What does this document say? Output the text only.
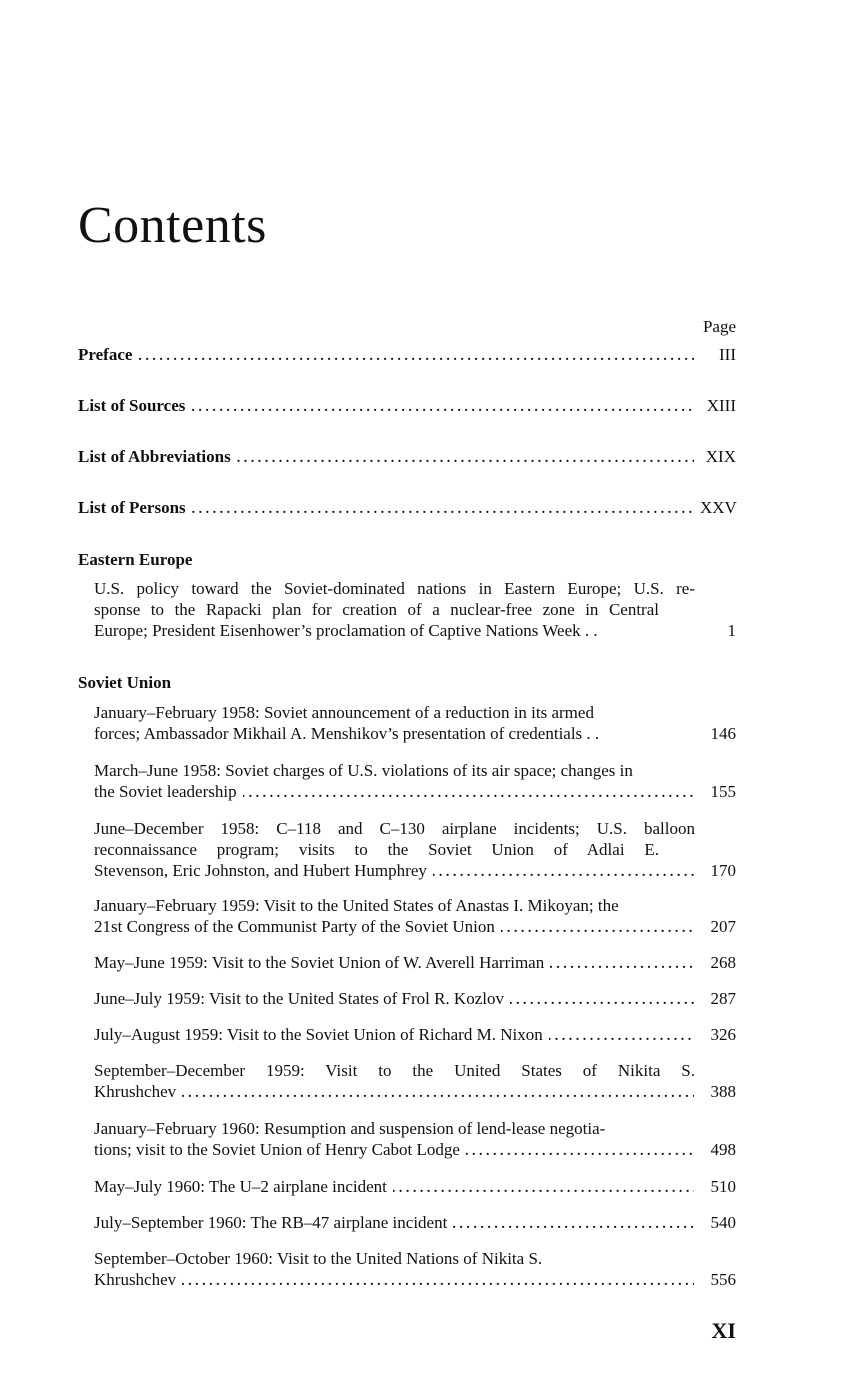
Contents
Page
Preface . . .	III
List of Sources . . .	XIII
List of Abbreviations . . .	XIX
List of Persons . . .	XXV
Eastern Europe
U.S. policy toward the Soviet-dominated nations in Eastern Europe; U.S. re-
sponse to the Rapacki plan for creation of a nuclear-free zone in Central
Europe; President Eisenhower’s proclamation of Captive Nations Week . .	1
Soviet Union
January–February 1958: Soviet announcement of a reduction in its armed
forces; Ambassador Mikhail A. Menshikov’s presentation of credentials . .	146
March–June 1958: Soviet charges of U.S. violations of its air space; changes in
the Soviet leadership . . .	155
June–December 1958: C–118 and C–130 airplane incidents; U.S. balloon
reconnaissance program; visits to the Soviet Union of Adlai E.
Stevenson, Eric Johnston, and Hubert Humphrey . . .	170
January–February 1959: Visit to the United States of Anastas I. Mikoyan; the
21st Congress of the Communist Party of the Soviet Union . . .	207
May–June 1959: Visit to the Soviet Union of W. Averell Harriman . . .	268
June–July 1959: Visit to the United States of Frol R. Kozlov . . .	287
July–August 1959: Visit to the Soviet Union of Richard M. Nixon . . .	326
September–December 1959: Visit to the United States of Nikita S.
Khrushchev . . .	388
January–February 1960: Resumption and suspension of lend-lease negotia-
tions; visit to the Soviet Union of Henry Cabot Lodge . . .	498
May–July 1960: The U–2 airplane incident . . .	510
July–September 1960: The RB–47 airplane incident . . .	540
September–October 1960: Visit to the United Nations of Nikita S.
Khrushchev . . .	556
XI
